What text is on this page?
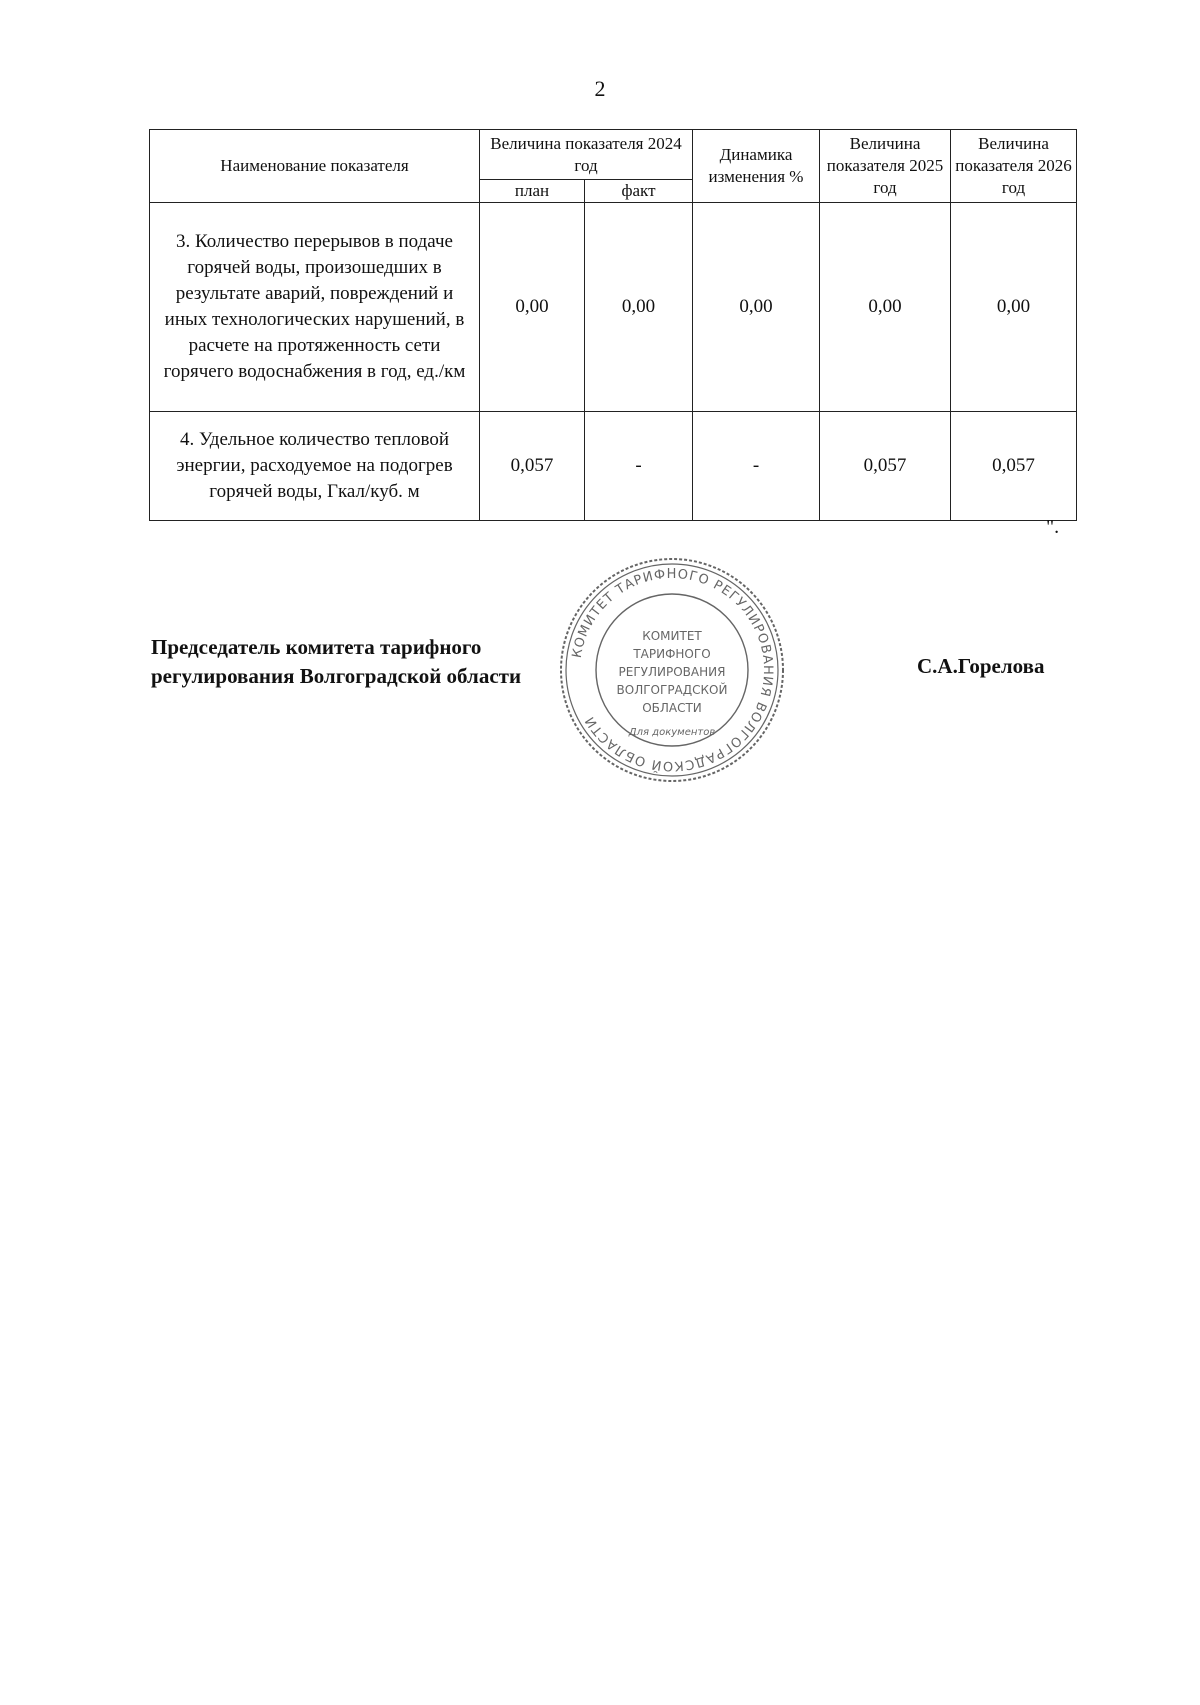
2
Наименование показателя	Величина показателя 2024 год		Динамика изменения %	Величина показателя 2025 год	Величина показателя 2026 год
	план	факт			
3. Количество перерывов в подаче горячей воды, произошедших в результате аварий, повреждений и иных технологических нарушений, в расчете на протяженность сети горячего водоснабжения в год, ед./км	0,00	0,00	0,00	0,00	0,00
4. Удельное количество тепловой энергии, расходуемое на подогрев горячей воды, Гкал/куб. м	0,057	-	-	0,057	0,057
".
Председатель комитета тарифного
регулирования Волгоградской области
КОМИТЕТ ТАРИФНОГО РЕГУЛИРОВАНИЯ ВОЛГОГРАДСКОЙ ОБЛАСТИ
КОМИТЕТ
ТАРИФНОГО
РЕГУЛИРОВАНИЯ
ВОЛГОГРАДСКОЙ
ОБЛАСТИ
Для документов
С.А.Горелова
